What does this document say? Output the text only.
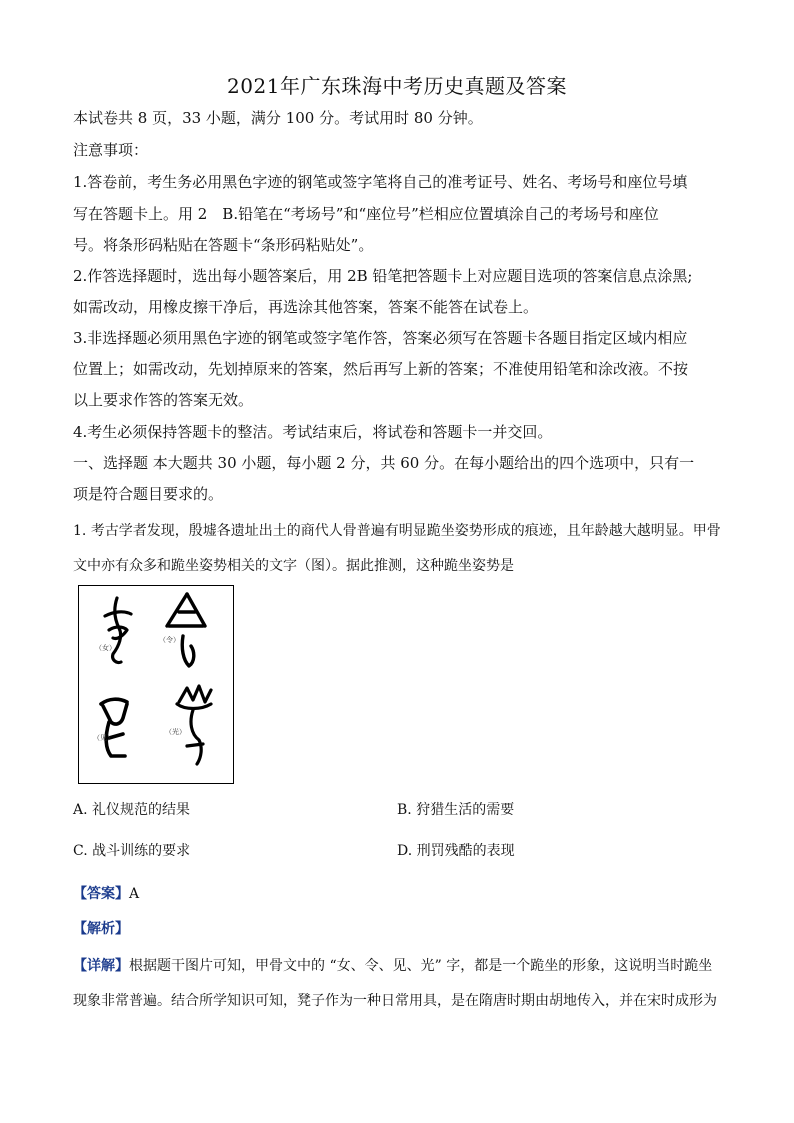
2021年广东珠海中考历史真题及答案
本试卷共 8 页，33 小题，满分 100 分。考试用时 80 分钟。
注意事项：
1.答卷前，考生务必用黑色字迹的钢笔或签字笔将自己的准考证号、姓名、考场号和座位号填
写在答题卡上。用 2　B.铅笔在“考场号”和“座位号”栏相应位置填涂自己的考场号和座位
号。将条形码粘贴在答题卡“条形码粘贴处”。
2.作答选择题时，选出每小题答案后，用 2B 铅笔把答题卡上对应题目选项的答案信息点涂黑;
如需改动，用橡皮擦干净后，再选涂其他答案，答案不能答在试卷上。
3.非选择题必须用黑色字迹的钢笔或签字笔作答，答案必须写在答题卡各题目指定区域内相应
位置上；如需改动，先划掉原来的答案，然后再写上新的答案；不准使用铅笔和涂改液。不按
以上要求作答的答案无效。
4.考生必须保持答题卡的整洁。考试结束后，将试卷和答题卡一并交回。
一、选择题 本大题共 30 小题，每小题 2 分，共 60 分。在每小题给出的四个选项中，只有一
项是符合题目要求的。
1. 考古学者发现，殷墟各遗址出土的商代人骨普遍有明显跪坐姿势形成的痕迹，且年龄越大越明显。甲骨
文中亦有众多和跪坐姿势相关的文字（图）。据此推测，这种跪坐姿势是
（女）
（令）
（见）
（光）
A. 礼仪规范的结果	B. 狩猎生活的需要
C. 战斗训练的要求	D. 刑罚残酷的表现
【答案】A
【解析】
【详解】根据题干图片可知，甲骨文中的 “女、令、见、光” 字，都是一个跪坐的形象，这说明当时跪坐
现象非常普遍。结合所学知识可知，凳子作为一种日常用具，是在隋唐时期由胡地传入，并在宋时成形为
